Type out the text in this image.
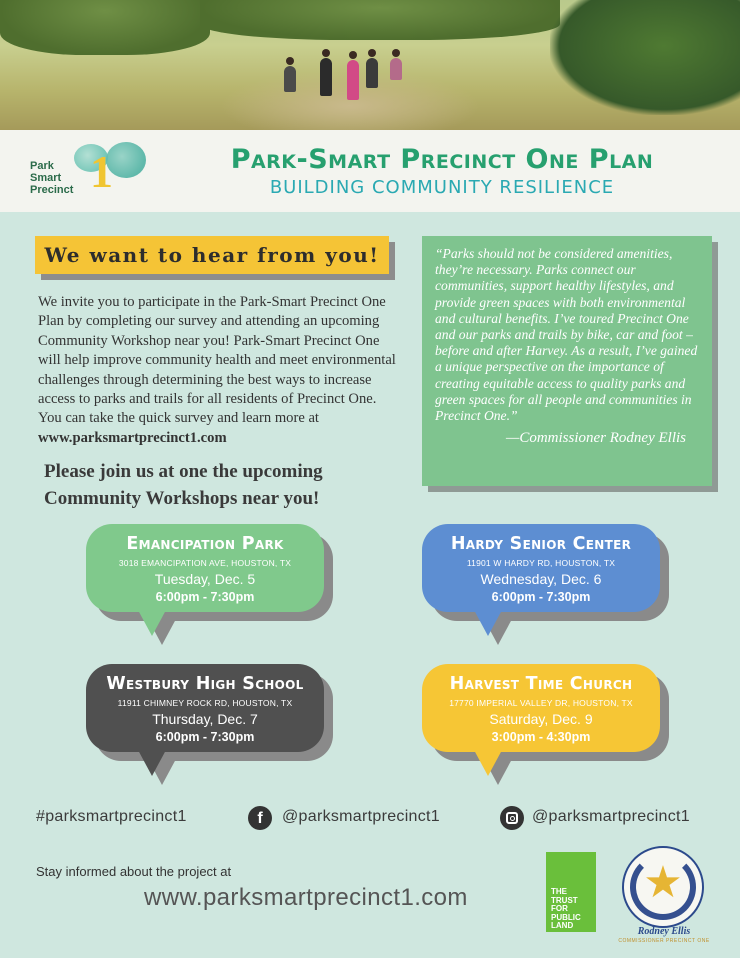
Park
Smart
Precinct 1	Park-Smart Precinct One Plan
BUILDING COMMUNITY RESILIENCE
We want to hear from you!
We invite you to participate in the Park-Smart Precinct One Plan by completing our survey and attending an upcoming Community Workshop near you! Park-Smart Precinct One will help improve community health and meet environmental challenges through determining the best ways to increase access to parks and trails for all residents of Precinct One. You can take the quick survey and learn more at www.parksmartprecinct1.com
Please join us at one the upcoming Community Workshops near you!
“Parks should not be considered amenities, they’re necessary. Parks connect our communities, support healthy lifestyles, and provide green spaces with both environmental and cultural benefits. I’ve toured Precinct One and our parks and trails by bike, car and foot – before and after Harvey. As a result, I’ve gained a unique perspective on the importance of creating equitable access to quality parks and green spaces for all people and communities in Precinct One.”
—Commissioner Rodney Ellis
Emancipation Park
3018 EMANCIPATION AVE, HOUSTON, TX
Tuesday, Dec. 5
6:00pm - 7:30pm
Hardy Senior Center
11901 W HARDY RD, HOUSTON, TX
Wednesday, Dec. 6
6:00pm - 7:30pm
Westbury High School
11911 CHIMNEY ROCK RD, HOUSTON, TX
Thursday, Dec. 7
6:00pm - 7:30pm
Harvest Time Church
17770 IMPERIAL VALLEY DR, HOUSTON, TX
Saturday, Dec. 9
3:00pm - 4:30pm
#parksmartprecinct1	f	@parksmartprecinct1	@parksmartprecinct1
Stay informed about the project at
www.parksmartprecinct1.com	THE TRUST FOR PUBLIC LAND
★
Rodney Ellis
COMMISSIONER PRECINCT ONE
